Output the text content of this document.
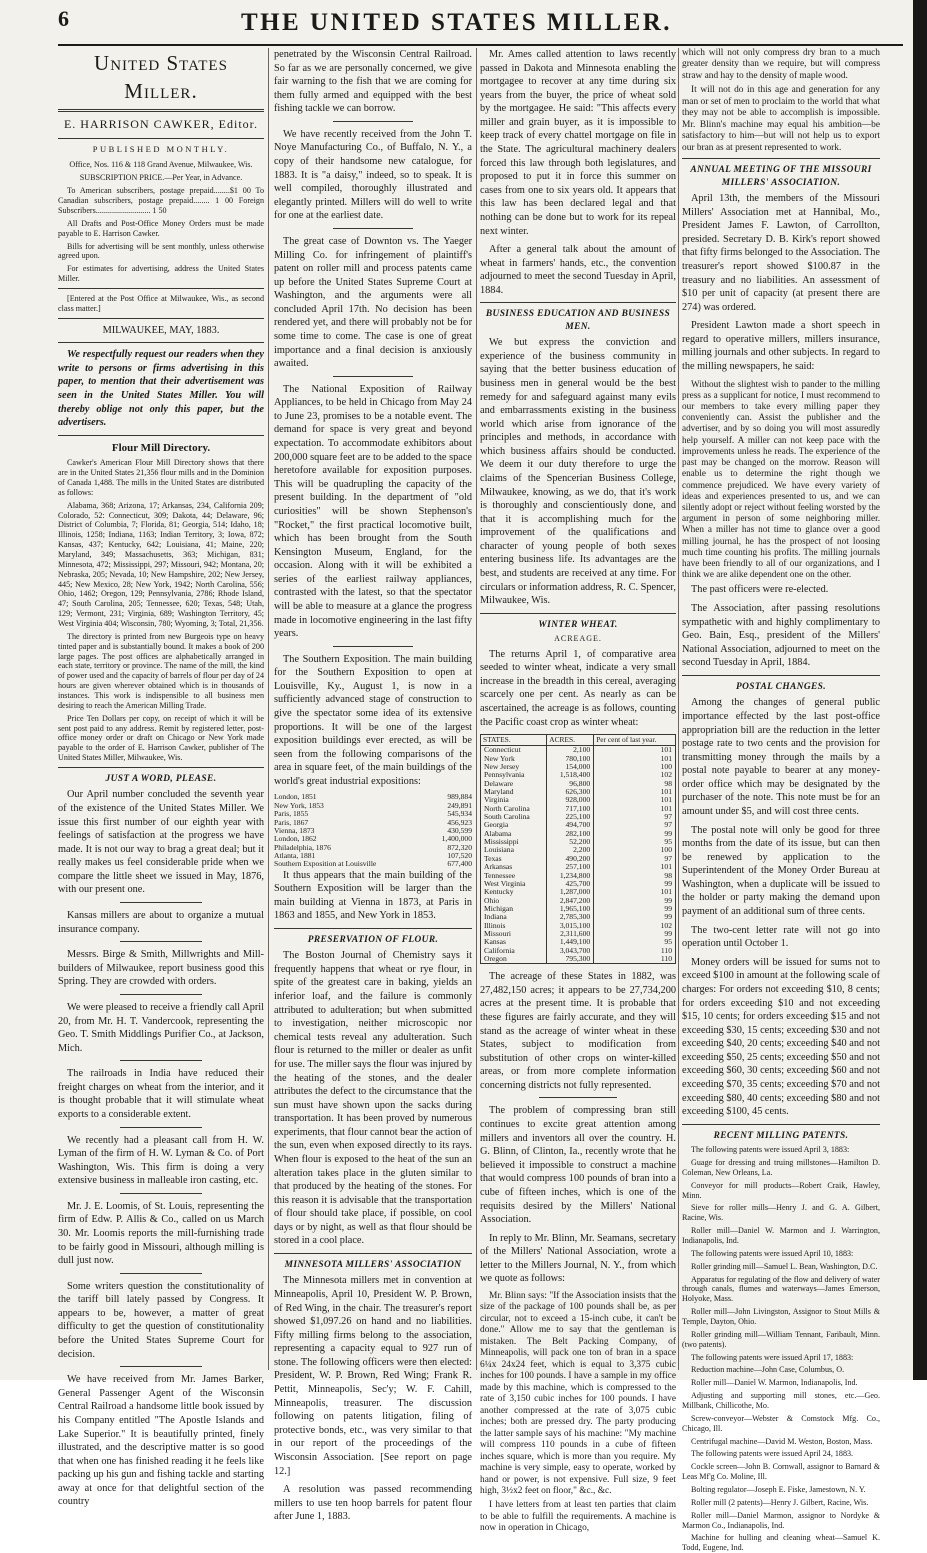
6	THE UNITED STATES MILLER.
United States Miller.

E. HARRISON CAWKER, Editor.

PUBLISHED MONTHLY.

Office, Nos. 116 & 118 Grand Avenue, Milwaukee, Wis.

SUBSCRIPTION PRICE.—Per Year, in Advance.

To American subscribers, postage prepaid........$1 00 To Canadian subscribers, postage prepaid........ 1 00 Foreign Subscribers........................... 1 50

All Drafts and Post-Office Money Orders must be made payable to E. Harrison Cawker.

Bills for advertising will be sent monthly, unless otherwise agreed upon.

For estimates for advertising, address the United States Miller.

[Entered at the Post Office at Milwaukee, Wis., as second class matter.]

MILWAUKEE, MAY, 1883.

We respectfully request our readers when they write to persons or firms advertising in this paper, to mention that their advertisement was seen in the United States Miller. You will thereby oblige not only this paper, but the advertisers.

Flour Mill Directory.

Cawker's American Flour Mill Directory shows that there are in the United States 21,356 flour mills and in the Dominion of Canada 1,488. The mills in the United States are distributed as follows:

Alabama, 368; Arizona, 17; Arkansas, 234, California 209; Colorado, 52: Connecticut, 309; Dakota, 44; Delaware, 96; District of Columbia, 7; Florida, 81; Georgia, 514; Idaho, 18; Illinois, 1258; Indiana, 1163; Indian Territory, 3; Iowa, 872; Kansas, 437; Kentucky, 642; Louisiana, 41; Maine, 220; Maryland, 349; Massachusetts, 363; Michigan, 831; Minnesota, 472; Mississippi, 297; Missouri, 942; Montana, 20; Nebraska, 205; Nevada, 10; New Hampshire, 202; New Jersey, 445; New Mexico, 28; New York, 1942; North Carolina, 556; Ohio, 1462; Oregon, 129; Pennsylvania, 2786; Rhode Island, 47; South Carolina, 205; Tennessee, 620; Texas, 548; Utah, 129; Vermont, 231; Virginia, 689; Washington Territory, 45; West Virginia 404; Wisconsin, 780; Wyoming, 3; Total, 21,356.

The directory is printed from new Burgeois type on heavy tinted paper and is substantially bound. It makes a book of 200 large pages. The post offices are alphabetically arranged in each state, territory or province. The name of the mill, the kind of power used and the capacity of barrels of flour per day of 24 hours are given wherever obtained which is in thousands of instances. This work is indispensible to all business men desiring to reach the American Milling Trade.

Price Ten Dollars per copy, on receipt of which it will be sent post paid to any address. Remit by registered letter, post-office money order or draft on Chicago or New York made payable to the order of E. Harrison Cawker, publisher of The United States Miller, Milwaukee, Wis.

JUST A WORD, PLEASE.

Our April number concluded the seventh year of the existence of the United States Miller. We issue this first number of our eighth year with feelings of satisfaction at the progress we have made. It is not our way to brag a great deal; but it really makes us feel considerable pride when we compare the little sheet we issued in May, 1876, with our present one.

Kansas millers are about to organize a mutual insurance company.

Messrs. Birge & Smith, Millwrights and Mill-builders of Milwaukee, report business good this Spring. They are crowded with orders.

We were pleased to receive a friendly call April 20, from Mr. H. T. Vandercook, representing the Geo. T. Smith Middlings Purifier Co., at Jackson, Mich.

The railroads in India have reduced their freight charges on wheat from the interior, and it is thought probable that it will stimulate wheat exports to a considerable extent.

We recently had a pleasant call from H. W. Lyman of the firm of H. W. Lyman & Co. of Port Washington, Wis. This firm is doing a very extensive business in malleable iron casting, etc.

Mr. J. E. Loomis, of St. Louis, representing the firm of Edw. P. Allis & Co., called on us March 30. Mr. Loomis reports the mill-furnishing trade to be fairly good in Missouri, although milling is dull just now.

Some writers question the constitutionality of the tariff bill lately passed by Congress. It appears to be, however, a matter of great difficulty to get the question of constitutionality before the United States Supreme Court for decision.

We have received from Mr. James Barker, General Passenger Agent of the Wisconsin Central Railroad a handsome little book issued by his Company entitled "The Apostle Islands and Lake Superior." It is beautifully printed, finely illustrated, and the descriptive matter is so good that when one has finished reading it he feels like packing up his gun and fishing tackle and starting away at once for that delightful section of the country

penetrated by the Wisconsin Central Railroad. So far as we are personally concerned, we give fair warning to the fish that we are coming for them fully armed and equipped with the best fishing tackle we can borrow.

We have recently received from the John T. Noye Manufacturing Co., of Buffalo, N. Y., a copy of their handsome new catalogue, for 1883. It is "a daisy," indeed, so to speak. It is well compiled, thoroughly illustrated and elegantly printed. Millers will do well to write for one at the earliest date.

The great case of Downton vs. The Yaeger Milling Co. for infringement of plaintiff's patent on roller mill and process patents came up before the United States Supreme Court at Washington, and the arguments were all concluded April 17th. No decision has been rendered yet, and there will probably not be for some time to come. The case is one of great importance and a final decision is anxiously awaited.

The National Exposition of Railway Appliances, to be held in Chicago from May 24 to June 23, promises to be a notable event. The demand for space is very great and beyond expectation. To accommodate exhibitors about 200,000 square feet are to be added to the space heretofore available for exposition purposes. This will be quadrupling the capacity of the present building. In the department of "old curiosities" will be shown Stephenson's "Rocket," the first practical locomotive built, which has been brought from the South Kensington Museum, England, for the occasion. Along with it will be exhibited a series of the earliest railway appliances, contrasted with the latest, so that the spectator will be able to measure at a glance the progress made in locomotive engineering in the last fifty years.

The Southern Exposition. The main building for the Southern Exposition to open at Louisville, Ky., August 1, is now in a sufficiently advanced stage of construction to give the spectator some idea of its extensive proportions. It will be one of the largest exposition buildings ever erected, as will be seen from the following comparisons of the area in square feet, of the main buildings of the world's great industrial expositions:

London, 1851	989,884
New York, 1853	249,891
Paris, 1855	545,934
Paris, 1867	456,923
Vienna, 1873	430,599
London, 1862	1,400,000
Philadelphia, 1876	872,320
Atlanta, 1881	107,520
Southern Exposition at Louisville	677,400

It thus appears that the main building of the Southern Exposition will be larger than the main building at Vienna in 1873, at Paris in 1863 and 1855, and New York in 1853.

PRESERVATION OF FLOUR.

The Boston Journal of Chemistry says it frequently happens that wheat or rye flour, in spite of the greatest care in baking, yields an inferior loaf, and the failure is commonly attributed to adulteration; but when submitted to investigation, neither microscopic nor chemical tests reveal any adulteration. Such flour is returned to the miller or dealer as unfit for use. The miller says the flour was injured by the heating of the stones, and the dealer attributes the defect to the circumstance that the sun must have shown upon the sacks during transportation. It has been proved by numerous experiments, that flour cannot bear the action of the sun, even when exposed directly to its rays. When flour is exposed to the heat of the sun an alteration takes place in the gluten similar to that produced by the heating of the stones. For this reason it is advisable that the transportation of flour should take place, if possible, on cool days or by night, as well as that flour should be stored in a cool place.

MINNESOTA MILLERS' ASSOCIATION

The Minnesota millers met in convention at Minneapolis, April 10, President W. P. Brown, of Red Wing, in the chair. The treasurer's report showed $1,097.26 on hand and no liabilities. Fifty milling firms belong to the association, representing a capacity equal to 927 run of stone. The following officers were then elected: President, W. P. Brown, Red Wing; Frank R. Pettit, Minneapolis, Sec'y; W. F. Cahill, Minneapolis, treasurer. The discussion following on patents litigation, filing of protective bonds, etc., was very similar to that in our report of the proceedings of the Wisconsin Association. [See report on page 12.]

A resolution was passed recommending millers to use ten hoop barrels for patent flour after June 1, 1883.

Mr. Ames called attention to laws recently passed in Dakota and Minnesota enabling the mortgagee to recover at any time during six years from the buyer, the price of wheat sold by the mortgagee. He said: "This affects every miller and grain buyer, as it is impossible to keep track of every chattel mortgage on file in the State. The agricultural machinery dealers forced this law through both legislatures, and proposed to put it in force this summer on cases from one to six years old. It appears that this law has been declared legal and that nothing can be done but to work for its repeal next winter.

After a general talk about the amount of wheat in farmers' hands, etc., the convention adjourned to meet the second Tuesday in April, 1884.

BUSINESS EDUCATION AND BUSINESS MEN.

We but express the conviction and experience of the business community in saying that the better business education of business men in general would be the best remedy for and safeguard against many evils and embarrassments existing in the business world which arise from ignorance of the principles and methods, in accordance with which business affairs should be conducted. We deem it our duty therefore to urge the claims of the Spencerian Business College, Milwaukee, knowing, as we do, that it's work is thoroughly and conscientiously done, and that it is accomplishing much for the improvement of the qualifications and character of young people of both sexes entering business life. Its advantages are the best, and students are received at any time. For circulars or information address, R. C. Spencer, Milwaukee, Wis.

WINTER WHEAT.
ACREAGE.

The returns April 1, of comparative area seeded to winter wheat, indicate a very small increase in the breadth in this cereal, averaging scarcely one per cent. As nearly as can be ascertained, the acreage is as follows, counting the Pacific coast crop as winter wheat:

STATES.	ACRES.	Per cent of last year.
Connecticut	2,100	101
New York	780,100	101
New Jersey	154,000	100
Pennsylvania	1,518,400	102
Delaware	96,800	98
Maryland	626,300	101
Virginia	928,000	101
North Carolina	717,100	101
South Carolina	225,100	97
Georgia	494,700	97
Alabama	282,100	99
Mississippi	52,200	95
Louisiana	2,200	100
Texas	490,200	97
Arkansas	257,100	101
Tennessee	1,234,800	98
West Virginia	425,700	99
Kentucky	1,287,000	101
Ohio	2,847,200	99
Michigan	1,965,100	99
Indiana	2,785,300	99
Illinois	3,015,100	102
Missouri	2,311,600	99
Kansas	1,449,100	95
California	3,043,700	110
Oregon	795,300	110

The acreage of these States in 1882, was 27,482,150 acres; it appears to be 27,734,200 acres at the present time. It is probable that these figures are fairly accurate, and they will stand as the acreage of winter wheat in these States, subject to modification from substitution of other crops on winter-killed areas, or from more complete information concerning districts not fully represented.

The problem of compressing bran still continues to excite great attention among millers and inventors all over the country. H. G. Blinn, of Clinton, Ia., recently wrote that he believed it impossible to construct a machine that would compress 100 pounds of bran into a cube of fifteen inches, which is one of the requisits desired by the Millers' National Association.

In reply to Mr. Blinn, Mr. Seamans, secretary of the Millers' National Association, wrote a letter to the Millers Journal, N. Y., from which we quote as follows:

Mr. Blinn says: "If the Association insists that the size of the package of 100 pounds shall be, as per circular, not to exceed a 15-inch cube, it can't be done." Allow me to say that the gentleman is mistaken. The Belt Packing Company, of Minneapolis, will pack one ton of bran in a space 6¼x 24x24 feet, which is equal to 3,375 cubic inches for 100 pounds. I have a sample in my office made by this machine, which is compressed to the rate of 3,150 cubic inches for 100 pounds. I have another compressed at the rate of 3,075 cubic inches; both are pressed dry. The party producing the latter sample says of his machine: "My machine will compress 110 pounds in a cube of fifteen inches square, which is more than you require. My machine is very simple, easy to operate, worked by hand or power, is not expensive. Full size, 9 feet high, 3½x2 feet on floor," &c., &c.

I have letters from at least ten parties that claim to be able to fulfill the requirements. A machine is now in operation in Chicago,

which will not only compress dry bran to a much greater density than we require, but will compress straw and hay to the density of maple wood.

It will not do in this age and generation for any man or set of men to proclaim to the world that what they may not be able to accomplish is impossible. Mr. Blinn's machine may equal his ambition—be satisfactory to him—but will not help us to export our bran as at present represented to work.

ANNUAL MEETING OF THE MISSOURI MILLERS' ASSOCIATION.

April 13th, the members of the Missouri Millers' Association met at Hannibal, Mo., President James F. Lawton, of Carrollton, presided. Secretary D. B. Kirk's report showed that fifty firms belonged to the Association. The treasurer's report showed $100.87 in the treasury and no liabilities. An assessment of $10 per unit of capacity (at present there are 274) was ordered.

President Lawton made a short speech in regard to operative millers, millers insurance, milling journals and other subjects. In regard to the milling newspapers, he said:

Without the slightest wish to pander to the milling press as a supplicant for notice, I must recommend to our members to take every milling paper they conveniently can. Assist the publisher and the advertiser, and by so doing you will most assuredly help yourself. A miller can not keep pace with the improvements unless he reads. The experience of the past may be changed on the morrow. Reason will enable us to determine the right though we commence prejudiced. We have every variety of ideas and experiences presented to us, and we can silently adopt or reject without feeling worsted by the argument in person of some neighboring miller. When a miller has not time to glance over a good milling journal, he has the prospect of not loosing much time counting his profits. The milling journals have been friendly to all of our organizations, and I think we are alike dependent one on the other.

The past officers were re-elected.

The Association, after passing resolutions sympathetic with and highly complimentary to Geo. Bain, Esq., president of the Millers' National Association, adjourned to meet on the second Tuesday in April, 1884.

POSTAL CHANGES.

Among the changes of general public importance effected by the last post-office appropriation bill are the reduction in the letter postage rate to two cents and the provision for transmitting money through the mails by a postal note payable to bearer at any money-order office which may be designated by the purchaser of the note. This note must be for an amount under $5, and will cost three cents.

The postal note will only be good for three months from the date of its issue, but can then be renewed by application to the Superintendent of the Money Order Bureau at Washington, when a duplicate will be issued to the holder or party making the demand upon payment of an additional sum of three cents.

The two-cent letter rate will not go into operation until October 1.

Money orders will be issued for sums not to exceed $100 in amount at the following scale of charges: For orders not exceeding $10, 8 cents; for orders exceeding $10 and not exceeding $15, 10 cents; for orders exceeding $15 and not exceeding $30, 15 cents; exceeding $30 and not exceeding $40, 20 cents; exceeding $40 and not exceeding $50, 25 cents; exceeding $50 and not exceeding $60, 30 cents; exceeding $60 and not exceeding $70, 35 cents; exceeding $70 and not exceeding $80, 40 cents; exceeding $80 and not exceeding $100, 45 cents.

RECENT MILLING PATENTS.

The following patents were issued April 3, 1883:

Guage for dressing and truing millstones—Hamilton D. Coleman, New Orleans, La.

Conveyor for mill products—Robert Craik, Hawley, Minn.

Sieve for roller mills—Henry J. and G. A. Gilbert, Racine, Wis.

Roller mill—Daniel W. Marmon and J. Warrington, Indianapolis, Ind.

The following patents were issued April 10, 1883:

Roller grinding mill—Samuel L. Bean, Washington, D.C.

Apparatus for regulating of the flow and delivery of water through canals, flumes and waterways—James Emerson, Holyoke, Mass.

Roller mill—John Livingston, Assignor to Stout Mills & Temple, Dayton, Ohio.

Roller grinding mill—William Tennant, Faribault, Minn. (two patents).

The following patents were issued April 17, 1883:

Reduction machine—John Case, Columbus, O.

Roller mill—Daniel W. Marmon, Indianapolis, Ind.

Adjusting and supporting mill stones, etc.—Geo. Millbank, Chillicothe, Mo.

Screw-conveyor—Webster & Comstock Mfg. Co., Chicago, Ill.

Centrifugal machine—David M. Weston, Boston, Mass.

The following patents were issued April 24, 1883.

Cockle screen—John B. Cornwall, assignor to Barnard & Leas Mf'g Co. Moline, Ill.

Bolting regulator—Joseph E. Fiske, Jamestown, N. Y.

Roller mill (2 patents)—Henry J. Gilbert, Racine, Wis.

Roller mill—Daniel Marmon, assignor to Nordyke & Marmon Co., Indianapolis, Ind.

Machine for hulling and cleaning wheat—Samuel K. Todd, Eugene, Ind.
